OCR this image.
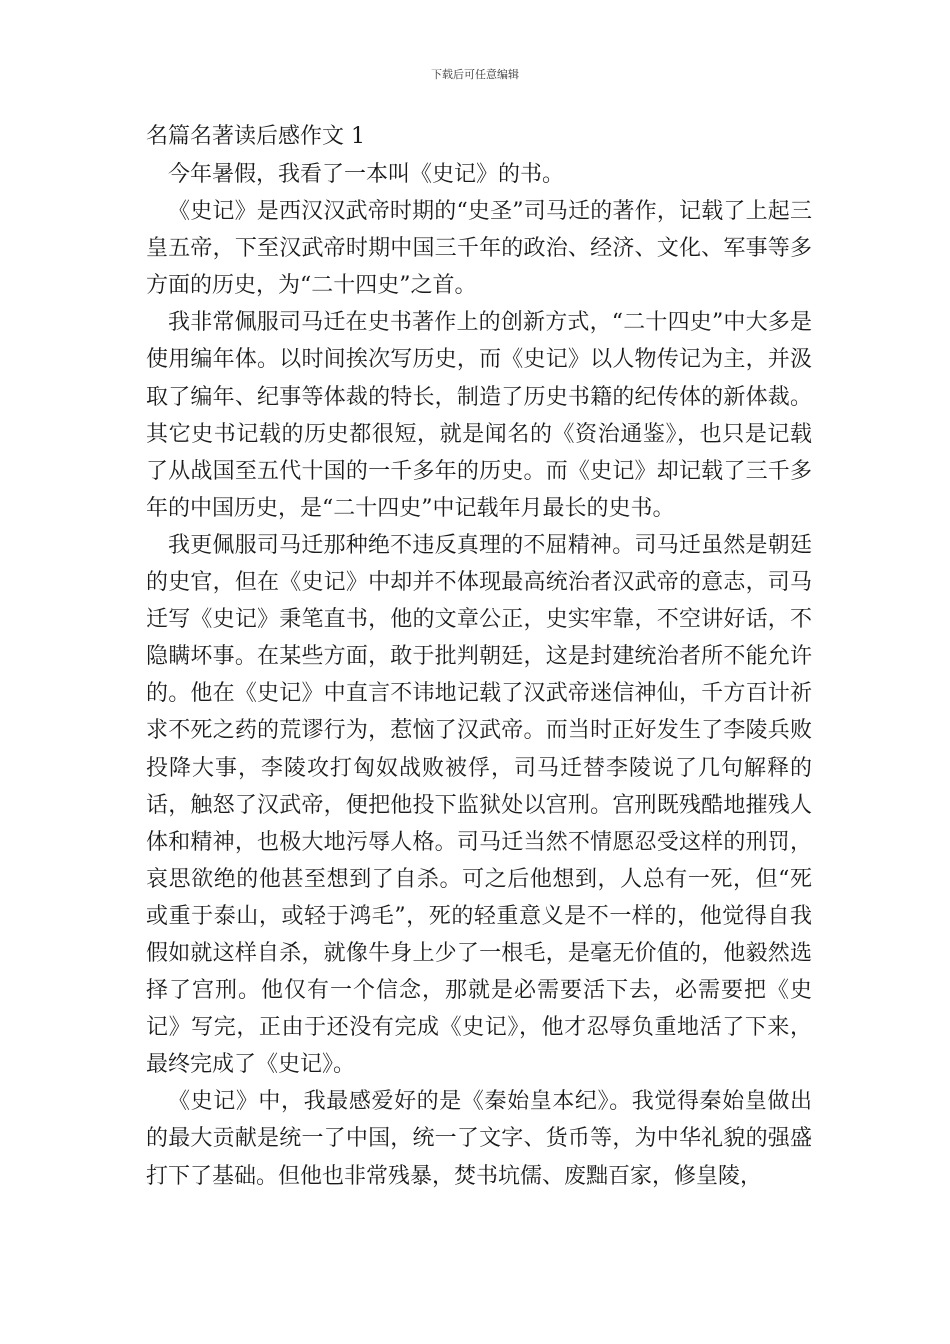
下载后可任意编辑
名篇名著读后感作文 1

今年暑假，我看了一本叫《史记》的书。

《史记》是西汉汉武帝时期的“史圣”司马迁的著作，记载了上起三皇五帝，下至汉武帝时期中国三千年的政治、经济、文化、军事等多方面的历史，为“二十四史”之首。

我非常佩服司马迁在史书著作上的创新方式，“二十四史”中大多是使用编年体。以时间挨次写历史，而《史记》以人物传记为主，并汲取了编年、纪事等体裁的特长，制造了历史书籍的纪传体的新体裁。其它史书记载的历史都很短，就是闻名的《资治通鉴》，也只是记载了从战国至五代十国的一千多年的历史。而《史记》却记载了三千多年的中国历史，是“二十四史”中记载年月最长的史书。

我更佩服司马迁那种绝不违反真理的不屈精神。司马迁虽然是朝廷的史官，但在《史记》中却并不体现最高统治者汉武帝的意志，司马迁写《史记》秉笔直书，他的文章公正，史实牢靠，不空讲好话，不隐瞒坏事。在某些方面，敢于批判朝廷，这是封建统治者所不能允许的。他在《史记》中直言不讳地记载了汉武帝迷信神仙，千方百计祈求不死之药的荒谬行为，惹恼了汉武帝。而当时正好发生了李陵兵败投降大事，李陵攻打匈奴战败被俘，司马迁替李陵说了几句解释的话，触怒了汉武帝，便把他投下监狱处以宫刑。宫刑既残酷地摧残人体和精神，也极大地污辱人格。司马迁当然不情愿忍受这样的刑罚，哀思欲绝的他甚至想到了自杀。可之后他想到，人总有一死，但“死或重于泰山，或轻于鸿毛”，死的轻重意义是不一样的，他觉得自我假如就这样自杀，就像牛身上少了一根毛，是毫无价值的，他毅然选择了宫刑。他仅有一个信念，那就是必需要活下去，必需要把《史记》写完，正由于还没有完成《史记》，他才忍辱负重地活了下来，最终完成了《史记》。

《史记》中，我最感爱好的是《秦始皇本纪》。我觉得秦始皇做出的最大贡献是统一了中国，统一了文字、货币等，为中华礼貌的强盛打下了基础。但他也非常残暴，焚书坑儒、废黜百家，修皇陵，
